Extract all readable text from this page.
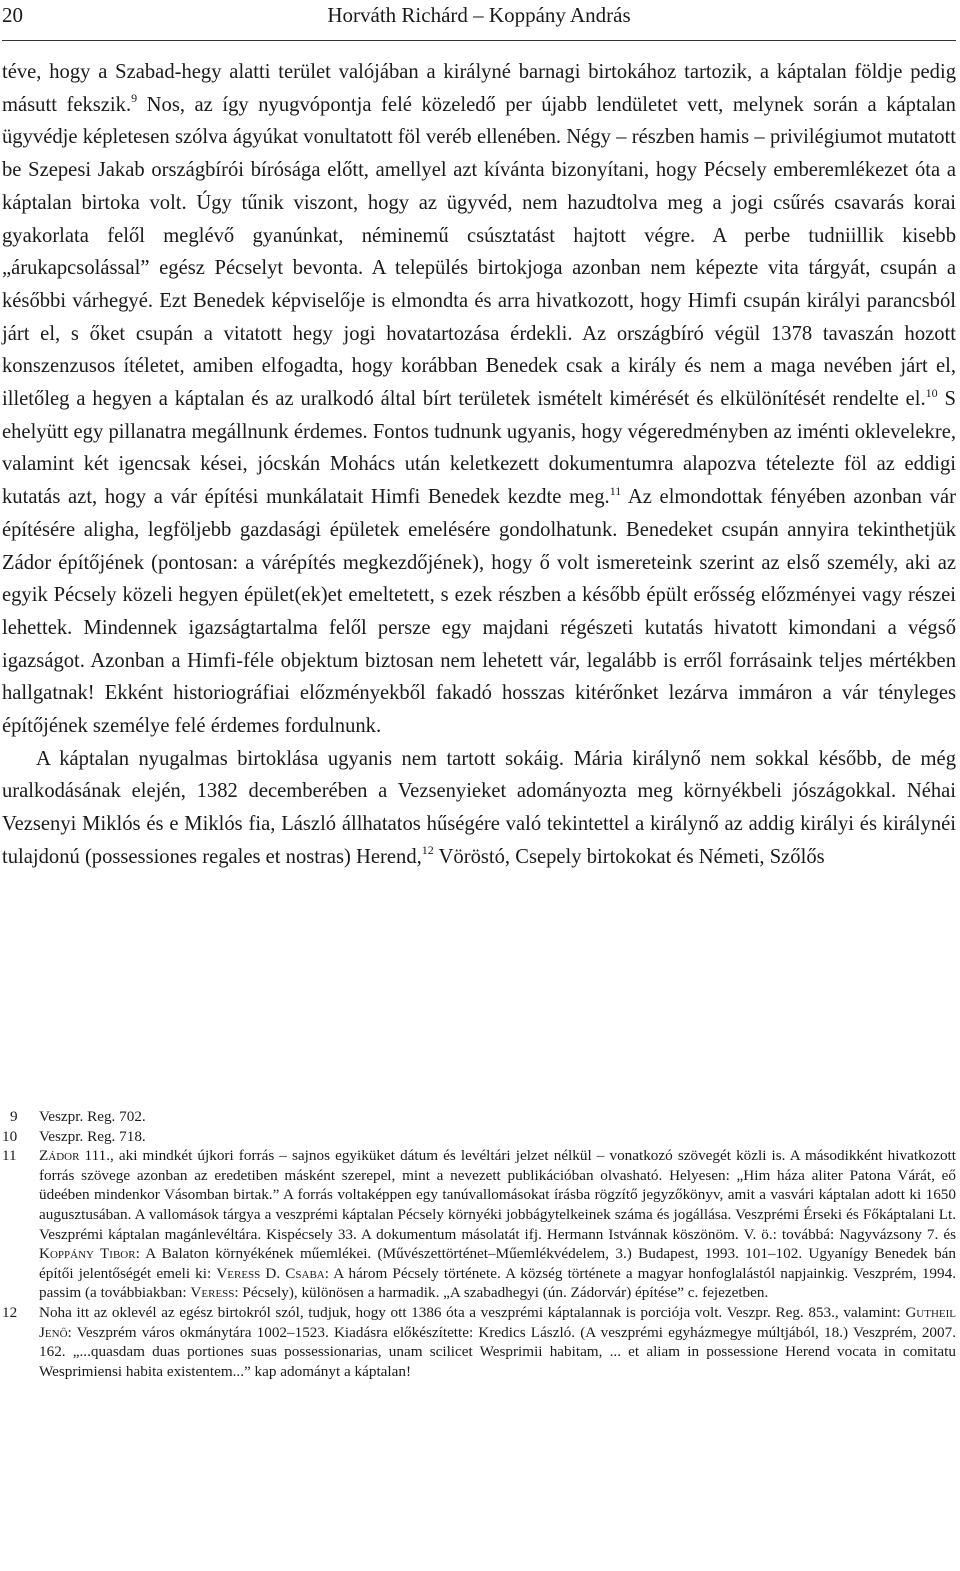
20	Horváth Richárd – Koppány András

téve, hogy a Szabad-hegy alatti terület valójában a királyné barnagi birtokához tartozik, a káptalan földje pedig másutt fekszik.$^9$ Nos, az így nyugvópontja felé közeledő per újabb lendületet vett, melynek során a káptalan ügyvédje képletesen szólva ágyúkat vonultatott föl veréb ellenében. Négy – részben hamis – privilégiumot mutatott be Szepesi Jakab országbírói bírósága előtt, amellyel azt kívánta bizonyítani, hogy Pécsely emberemlékezet óta a káptalan birtoka volt. Úgy tűnik viszont, hogy az ügyvéd, nem hazudtolva meg a jogi csűrés csavarás korai gyakorlata felől meglévő gyanúnkat, néminemű csúsztatást hajtott végre. A perbe tudniillik kisebb „árukapcsolással” egész Pécselyt bevonta. A település birtokjoga azonban nem képezte vita tárgyát, csupán a későbbi várhegyé. Ezt Benedek képviselője is elmondta és arra hivatkozott, hogy Himfi csupán királyi parancsból járt el, s őket csupán a vitatott hegy jogi hovatartozása érdekli. Az országbíró végül 1378 tavaszán hozott konszenzusos ítéletet, amiben elfogadta, hogy korábban Benedek csak a király és nem a maga nevében járt el, illetőleg a hegyen a káptalan és az uralkodó által bírt területek ismételt kimérését és elkülönítését rendelte el.$^{10}$ S ehelyütt egy pillanatra megállnunk érdemes. Fontos tudnunk ugyanis, hogy végeredményben az iménti oklevelekre, valamint két igencsak kései, jócskán Mohács után keletkezett dokumentumra alapozva tételezte föl az eddigi kutatás azt, hogy a vár építési munkálatait Himfi Benedek kezdte meg.$^{11}$ Az elmondottak fényében azonban vár építésére aligha, legföljebb gazdasági épületek emelésére gondolhatunk. Benedeket csupán annyira tekinthetjük Zádor építőjének (pontosan: a várépítés megkezdőjének), hogy ő volt ismereteink szerint az első személy, aki az egyik Pécsely közeli hegyen épület(ek)et emeltetett, s ezek részben a később épült erősség előzményei vagy részei lehettek. Mindennek igazságtartalma felől persze egy majdani régészeti kutatás hivatott kimondani a végső igazságot. Azonban a Himfi-féle objektum biztosan nem lehetett vár, legalább is erről forrásaink teljes mértékben hallgatnak! Ekként historiográfiai előzményekből fakadó hosszas kitérőnket lezárva immáron a vár tényleges építőjének személye felé érdemes fordulnunk.

A káptalan nyugalmas birtoklása ugyanis nem tartott sokáig. Mária királynő nem sokkal később, de még uralkodásának elején, 1382 decemberében a Vezsenyieket adományozta meg környékbeli jószágokkal. Néhai Vezsenyi Miklós és e Miklós fia, László állhatatos hűségére való tekintettel a királynő az addig királyi és királynéi tulajdonú (possessiones regales et nostras) Herend,$^{12}$ Vöröstó, Csepely birtokokat és Németi, Szőlős

9	Veszpr. Reg. 702.
10	Veszpr. Reg. 718.
11	Zádor 111., aki mindkét újkori forrás – sajnos egyiküket dátum és levéltári jelzet nélkül – vonatkozó szövegét közli is. A másodikként hivatkozott forrás szövege azonban az eredetiben másként szerepel, mint a nevezett publikációban olvasható. Helyesen: „Him háza aliter Patona Várát, eő üdeében mindenkor Vásomban birtak.” A forrás voltaképpen egy tanúvallomásokat írásba rögzítő jegyzőkönyv, amit a vasvári káptalan adott ki 1650 augusztusában. A vallomások tárgya a veszprémi káptalan Pécsely környéki jobbágytelkeinek száma és jogállása. Veszprémi Érseki és Főkáptalani Lt. Veszprémi káptalan magánlevéltára. Kispécsely 33. A dokumentum másolatát ifj. Hermann Istvánnak köszönöm. V. ö.: továbbá: Nagyvázsony 7. és Koppány Tibor: A Balaton környékének műemlékei. (Művészettörténet–Műemlékvédelem, 3.) Budapest, 1993. 101–102. Ugyanígy Benedek bán építői jelentőségét emeli ki: Veress D. Csaba: A három Pécsely története. A község története a magyar honfoglalástól napjainkig. Veszprém, 1994. passim (a továbbiakban: Veress: Pécsely), különösen a harmadik. „A szabadhegyi (ún. Zádorvár) építése” c. fejezetben.
12	Noha itt az oklevél az egész birtokról szól, tudjuk, hogy ott 1386 óta a veszprémi káptalannak is porciója volt. Veszpr. Reg. 853., valamint: Gutheil Jenő: Veszprém város okmánytára 1002–1523. Kiadásra előkészítette: Kredics László. (A veszprémi egyházmegye múltjából, 18.) Veszprém, 2007. 162. „...quasdam duas portiones suas possessionarias, unam scilicet Wesprimii habitam, ... et aliam in possessione Herend vocata in comitatu Wesprimiensi habita existentem...” kap adományt a káptalan!
